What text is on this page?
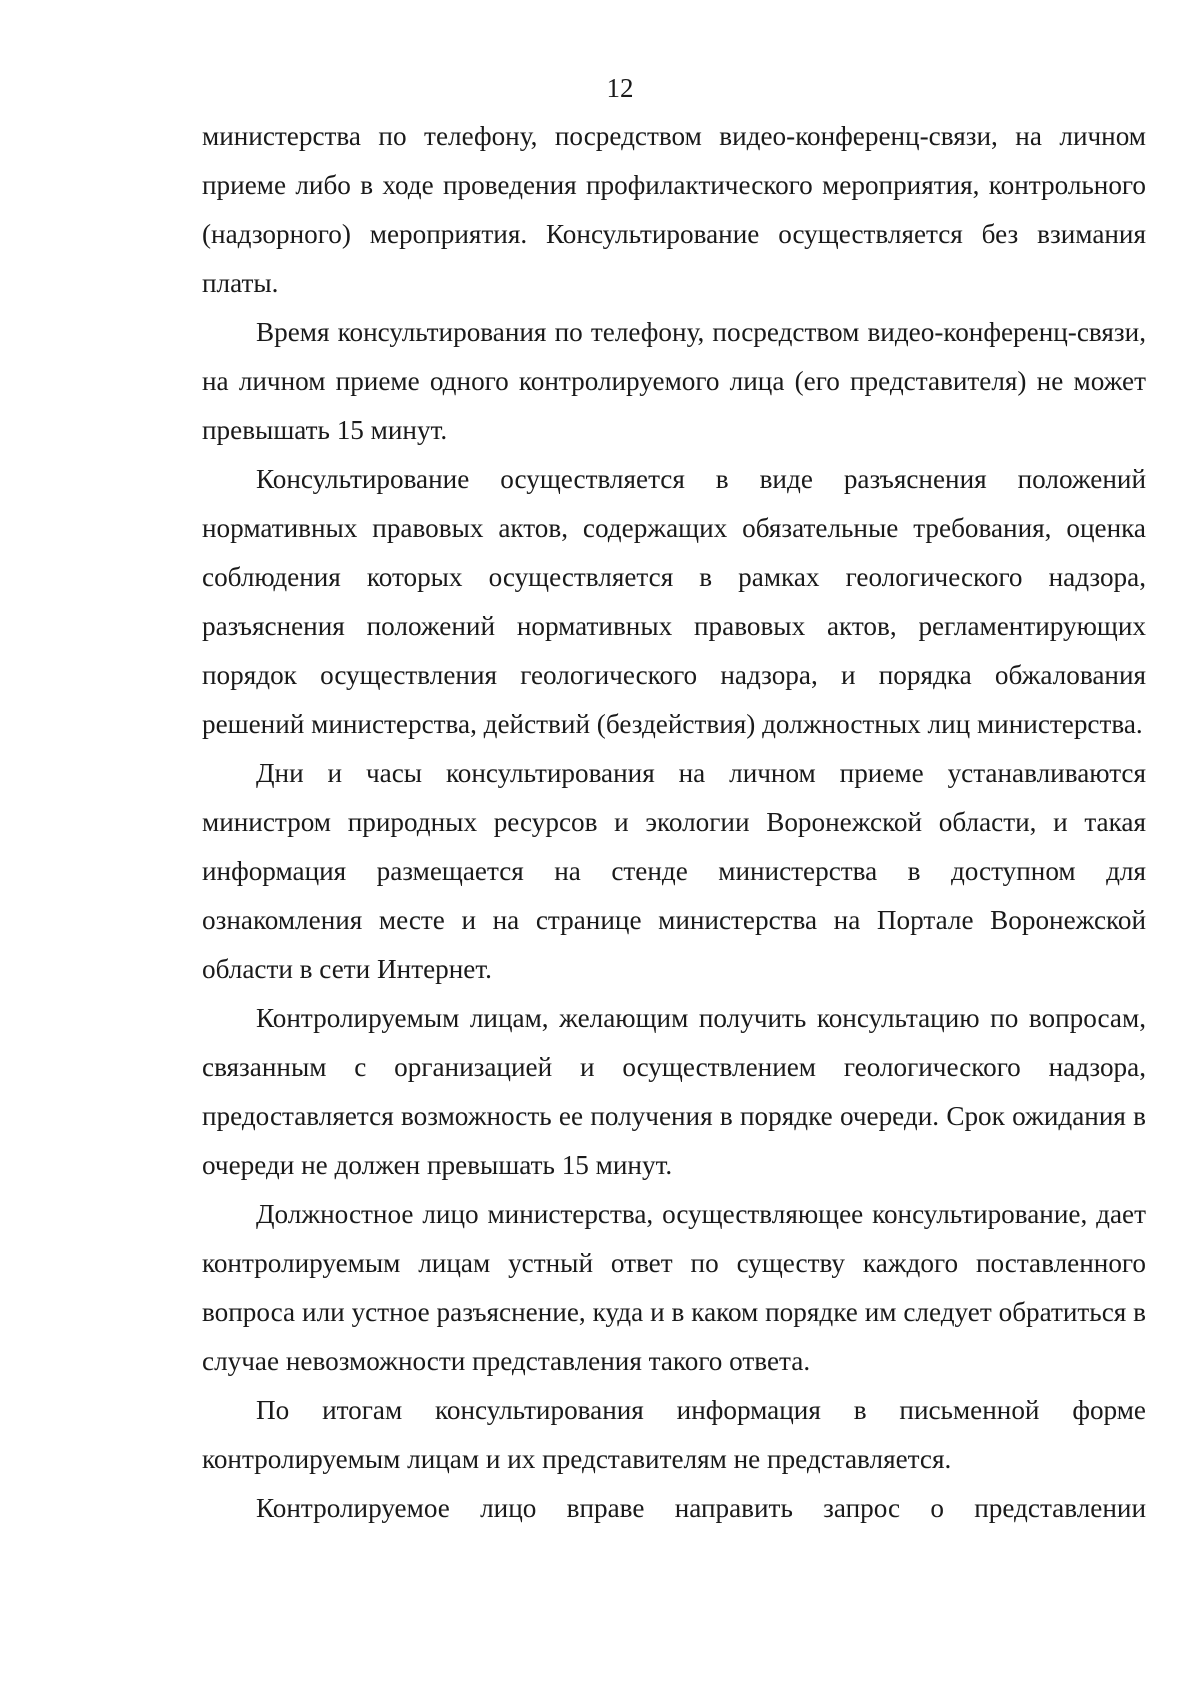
12

министерства по телефону, посредством видео-конференц-связи, на личном приеме либо в ходе проведения профилактического мероприятия, контрольного (надзорного) мероприятия. Консультирование осуществляется без взимания платы.

Время консультирования по телефону, посредством видео-конференц-связи, на личном приеме одного контролируемого лица (его представителя) не может превышать 15 минут.

Консультирование осуществляется в виде разъяснения положений нормативных правовых актов, содержащих обязательные требования, оценка соблюдения которых осуществляется в рамках геологического надзора, разъяснения положений нормативных правовых актов, регламентирующих порядок осуществления геологического надзора, и порядка обжалования решений министерства, действий (бездействия) должностных лиц министерства.

Дни и часы консультирования на личном приеме устанавливаются министром природных ресурсов и экологии Воронежской области, и такая информация размещается на стенде министерства в доступном для ознакомления месте и на странице министерства на Портале Воронежской области в сети Интернет.

Контролируемым лицам, желающим получить консультацию по вопросам, связанным с организацией и осуществлением геологического надзора, предоставляется возможность ее получения в порядке очереди. Срок ожидания в очереди не должен превышать 15 минут.

Должностное лицо министерства, осуществляющее консультирование, дает контролируемым лицам устный ответ по существу каждого поставленного вопроса или устное разъяснение, куда и в каком порядке им следует обратиться в случае невозможности представления такого ответа.

По итогам консультирования информация в письменной форме контролируемым лицам и их представителям не представляется.

Контролируемое лицо вправе направить запрос о представлении
